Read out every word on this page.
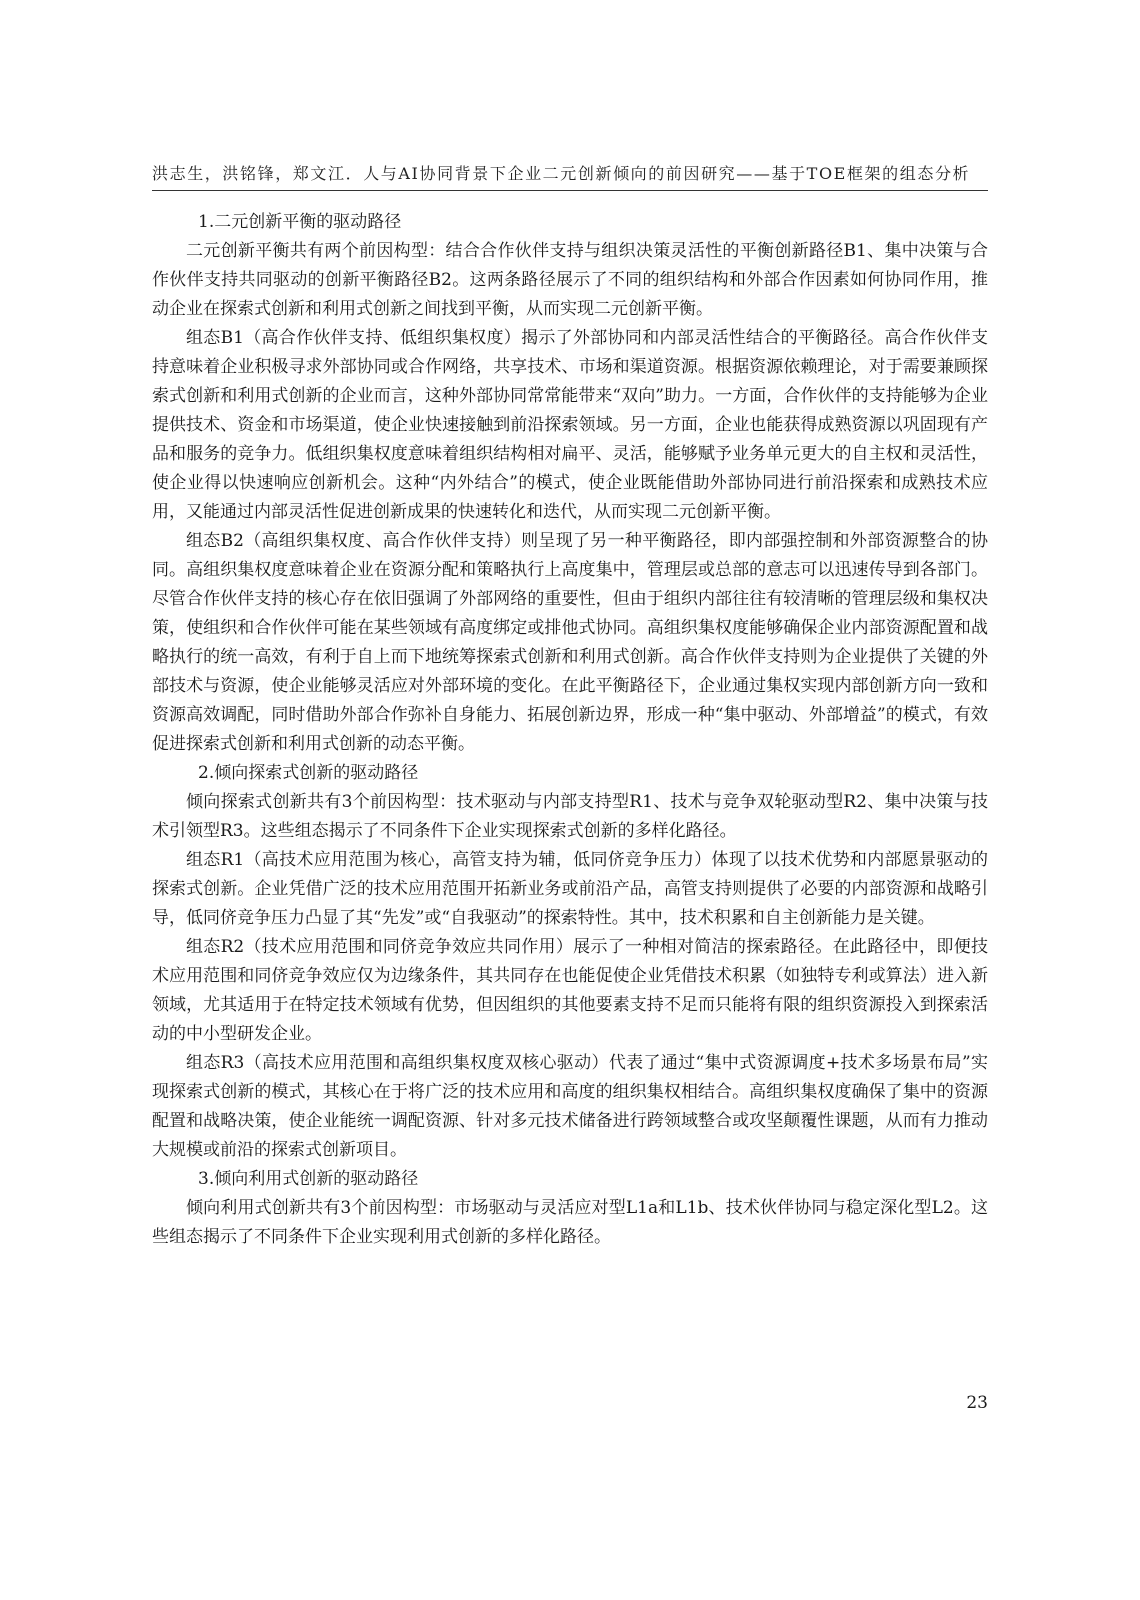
洪志生，洪铭锋，郑文江．人与AI协同背景下企业二元创新倾向的前因研究——基于TOE框架的组态分析
1.二元创新平衡的驱动路径

二元创新平衡共有两个前因构型：结合合作伙伴支持与组织决策灵活性的平衡创新路径B1、集中决策与合作伙伴支持共同驱动的创新平衡路径B2。这两条路径展示了不同的组织结构和外部合作因素如何协同作用，推动企业在探索式创新和利用式创新之间找到平衡，从而实现二元创新平衡。

组态B1（高合作伙伴支持、低组织集权度）揭示了外部协同和内部灵活性结合的平衡路径。高合作伙伴支持意味着企业积极寻求外部协同或合作网络，共享技术、市场和渠道资源。根据资源依赖理论，对于需要兼顾探索式创新和利用式创新的企业而言，这种外部协同常常能带来“双向”助力。一方面，合作伙伴的支持能够为企业提供技术、资金和市场渠道，使企业快速接触到前沿探索领域。另一方面，企业也能获得成熟资源以巩固现有产品和服务的竞争力。低组织集权度意味着组织结构相对扁平、灵活，能够赋予业务单元更大的自主权和灵活性，使企业得以快速响应创新机会。这种“内外结合”的模式，使企业既能借助外部协同进行前沿探索和成熟技术应用，又能通过内部灵活性促进创新成果的快速转化和迭代，从而实现二元创新平衡。

组态B2（高组织集权度、高合作伙伴支持）则呈现了另一种平衡路径，即内部强控制和外部资源整合的协同。高组织集权度意味着企业在资源分配和策略执行上高度集中，管理层或总部的意志可以迅速传导到各部门。尽管合作伙伴支持的核心存在依旧强调了外部网络的重要性，但由于组织内部往往有较清晰的管理层级和集权决策，使组织和合作伙伴可能在某些领域有高度绑定或排他式协同。高组织集权度能够确保企业内部资源配置和战略执行的统一高效，有利于自上而下地统筹探索式创新和利用式创新。高合作伙伴支持则为企业提供了关键的外部技术与资源，使企业能够灵活应对外部环境的变化。在此平衡路径下，企业通过集权实现内部创新方向一致和资源高效调配，同时借助外部合作弥补自身能力、拓展创新边界，形成一种“集中驱动、外部增益”的模式，有效促进探索式创新和利用式创新的动态平衡。

2.倾向探索式创新的驱动路径

倾向探索式创新共有3个前因构型：技术驱动与内部支持型R1、技术与竞争双轮驱动型R2、集中决策与技术引领型R3。这些组态揭示了不同条件下企业实现探索式创新的多样化路径。

组态R1（高技术应用范围为核心，高管支持为辅，低同侪竞争压力）体现了以技术优势和内部愿景驱动的探索式创新。企业凭借广泛的技术应用范围开拓新业务或前沿产品，高管支持则提供了必要的内部资源和战略引导，低同侪竞争压力凸显了其“先发”或“自我驱动”的探索特性。其中，技术积累和自主创新能力是关键。

组态R2（技术应用范围和同侪竞争效应共同作用）展示了一种相对简洁的探索路径。在此路径中，即便技术应用范围和同侪竞争效应仅为边缘条件，其共同存在也能促使企业凭借技术积累（如独特专利或算法）进入新领域，尤其适用于在特定技术领域有优势，但因组织的其他要素支持不足而只能将有限的组织资源投入到探索活动的中小型研发企业。

组态R3（高技术应用范围和高组织集权度双核心驱动）代表了通过“集中式资源调度+技术多场景布局”实现探索式创新的模式，其核心在于将广泛的技术应用和高度的组织集权相结合。高组织集权度确保了集中的资源配置和战略决策，使企业能统一调配资源、针对多元技术储备进行跨领域整合或攻坚颠覆性课题，从而有力推动大规模或前沿的探索式创新项目。

3.倾向利用式创新的驱动路径

倾向利用式创新共有3个前因构型：市场驱动与灵活应对型L1a和L1b、技术伙伴协同与稳定深化型L2。这些组态揭示了不同条件下企业实现利用式创新的多样化路径。

23
